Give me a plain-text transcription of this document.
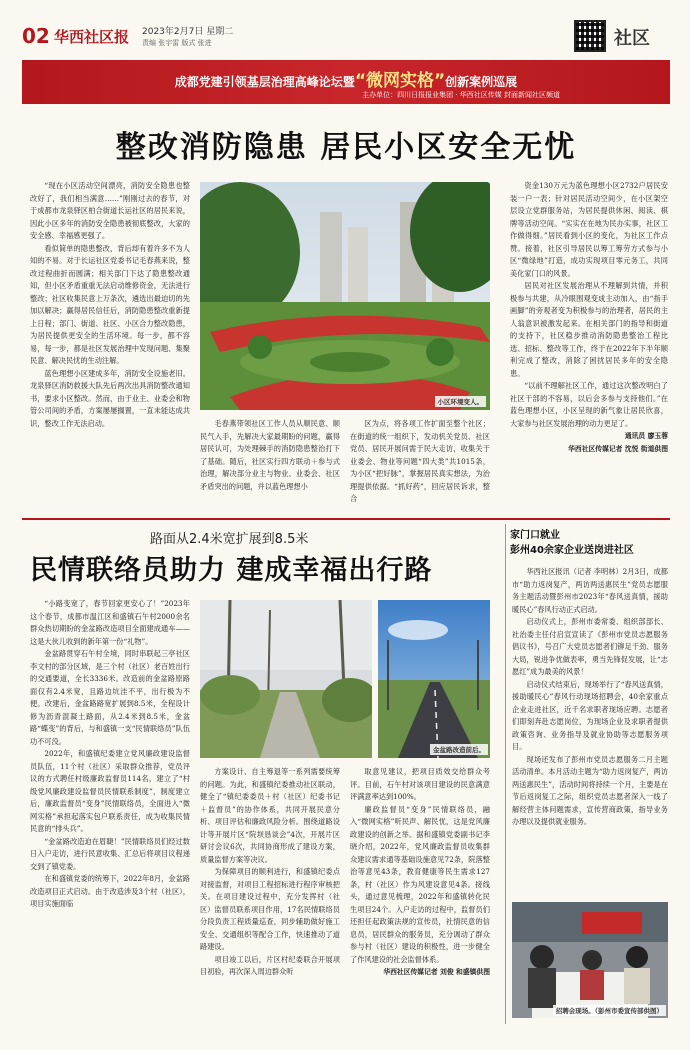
02 华西社区报 2023年2月7日 星期二
责编 张宇雷 版式 张进	社区
成都党建引领基层治理高峰论坛暨“微网实格”创新案例巡展
主办单位：四川日报报业集团 · 华西社区传媒 封面新闻社区频道
整改消防隐患 居民小区安全无忧

“现在小区活动空间漂亮，消防安全隐患也整改好了，我们相当满意……”刚刚过去的春节，对于成都市龙泉驿区柏合街道长运社区的居民来说，因此小区多年的消防安全隐患被彻底整改，大家的安全感、幸福感更强了。

看似简单的隐患整改，背后却有着许多不为人知的不易。对于长运社区党委书记毛春燕来说，整改过程曲折而圆满；相关部门下达了隐患整改通知，但小区矛盾重重无法启动维修资金，无法进行整改；社区收集民意上万条次，遴选出最迫切的先加以解决；赢得居民信任后，消防隐患整改重新提上日程；部门、街道、社区、小区合力整改隐患，为居民提供更安全的生活环境。每一步，都不容易，每一步，都是社区发展治理中发现问题、集聚民意、解决民忧的生动注解。

蓝色理想小区建成多年，消防安全设施老旧。龙泉驿区消防救援大队先后两次出具消防整改通知书，要求小区整改。然而，由于业主、业委会和物管公司间的矛盾，方案屡屡搁置，一直未能达成共识，整改工作无法启动。

小区环境变人。

毛春燕带领社区工作人员从顺民意、顺民气入手，先解决大家最期盼的问题，赢得居民认可，为处理棘手的消防隐患整治打下了基础。随后，社区实行四方联动＋参与式治理，解决部分业主与物业、业委会、社区矛盾突出的问题，并以蓝色理想小

区为点，将各项工作扩面至整个社区；在街道的统一组织下，发动机关党员、社区党员、居民开展问需于民大走访，收集关于业委会、物业等问题“四大类”共1015条，为小区“把好脉”，掌握居民真实想法，为治理提供依据。“抓好药”，回应居民诉求，整合

资金130万元为蓝色理想小区2732户居民安装一户一表；针对居民活动空间少，在小区架空层设立党群服务站，为居民提供休闲、阅读、棋牌等活动空间。“实实在在地为民办实事，社区工作做得细。”居民看到小区的变化，为社区工作点赞。接着，社区引导居民以筹工筹劳方式参与小区“微绿地”打造，成功实现项目零元务工，共同美化家门口的风景。

居民对社区发展治理从不理解到共情，并积极参与共建，从冷眼围观变成主动加入，由“指手画脚”的旁观者变为积极参与的治理者，居民的主人翁意识被激发起来。在相关部门的指导和街道的支持下，社区稳步推动消防隐患整治工程比选、招标、整改等工作，终于在2022年下半年顺利完成了整改，消除了困扰居民多年的安全隐患。

“以前不理解社区工作，通过这次整改明白了社区干部的不容易，以后会多参与支持他们。”在蓝色理想小区，小区呈现的新气象让居民欣喜，大家参与社区发展治理的动力更足了。

通讯员 廖玉蓉

华西社区传媒记者 沈悦 街道供图

路面从2.4米宽扩展到8.5米
民情联络员助力 建成幸福出行路

“小路变宽了，春节回家更安心了！”2023年这个春节，成都市温江区和盛镇石午村2000余名群众热切期盼的金盆路改造项目全面建成通车——这是大伙儿收到的新年第一份“礼物”。

金盆路贯穿石午村全境，同时串联起三亭社区李文村的部分区域，是三个村（社区）老百姓出行的交通要道，全长3336米。改造前的金盆路原路面仅有2.4米宽，且路边坑洼不平，出行极为不便。改建后，金盆路路宽扩展到8.5米，全程设计修为沥青混凝土路面，从2.4米到8.5米，金盆路“蝶变”的背后，与和盛镇一支“民情联络员”队伍功不可没。

2022年，和盛镇纪委建立党风廉政建设监督员队伍，11个村（社区）采取群众推荐，党员评议的方式聘任村级廉政监督员114名，建立了“村级党风廉政建设监督员民情联系制度”，制度建立后，廉政监督员“变身”民情联络员，全面进入“微网实格”承担起落实包户联系责任，成为收集民情民意的“排头兵”。

“金盆路改造迫在眉睫！”民情联络员们经过数日入户走访，进行民意收集、汇总后将项目议程递交到了镇党委。

在和盛镇党委的统筹下，2022年8月，金盆路改造项目正式启动。由于改造涉及3个村（社区），项目实施面临

金盆路改造前后。

方案设计、自主筹退等一系列需要统筹的问题。为此，和盛镇纪委推动社区联动，健全了“镇纪委委员＋村（社区）纪委书记＋监督员”的协作体系，共同开展民意分析、项目评估和廉政风险分析。围绕道路设计等开展片区“院坝恳谈会”4次，开展片区研讨会议6次，共同协商形成了建设方案，质量监督方案等决议。

为保障项目的顺利进行，和盛镇纪委点对接监督，对项目工程招标进行程序审核把关。在项目建设过程中，充分发挥村（社区）监督员联系项目作用，17名民情联络员分段负责工程质量巡查，同步辅助做好施工安全、交通组织等配合工作，快速推动了道路建设。

项目竣工以后，片区村纪委联合开展项目初验，再次深入周边群众听

取意见建议，把项目质效交给群众考评。目前，石午村对该项目建设的民意满意评满意率达到100%。

廉政监督员“变身”民情联络员，融入“微网实格”听民声、解民忧，这是党风廉政建设的创新之举。据和盛镇党委副书记李晓介绍，2022年，党风廉政监督员收集群众建议需求通等基础设施意见72条，院落整治等意见43条，教育健康等民生需求127条，村（社区）作为风建设意见4条。接线头，通过意见梳理，2022年和盛镇转化民生项目24个。入户走访的过程中，监督员们还担任起政策法规的宣传员，社情民意的信息员，居民群众的服务员，充分调动了群众参与村（社区）建设的积极性，进一步健全了作风建设的社会监督体系。

华西社区传媒记者 刘俊 和盛镇供图

家门口就业
彭州40余家企业送岗进社区

华西社区报讯（记者 李明林）2月3日，成都市“助力返岗复产，两访两送惠民生”党员志愿服务主题活动暨彭州市2023年“春风送真情，援助暖民心”春风行动正式启动。

启动仪式上，彭州市委常委、组织部部长、社治委主任付启宣宣读了《彭州市党员志愿服务倡议书》，号召广大党员志愿者们铆足干劲、服务大局，锐进争优做表率，勇当先锋促发展，让“志愿红”成为最美的风景！

启动仪式结束后，现场举行了“春风送真情，援助暖民心”春风行动现场招聘会，40余家重点企业走进社区，近千名求职者现场应聘。志愿者们即刻奔赴志愿岗位，为现场企业及求职者提供政策咨询、业务指导及就业协助等志愿服务项目。

现场还发布了彭州市党员志愿服务二月主题活动清单。本月活动主题为“助力返岗复产，两访两送惠民生”，活动时间将持续一个月，主要是在节后返岗复工之际，组织党员志愿者深入一线了解经营主体问题需求，宣传营商政策，指导业务办理以及提供就业服务。

招聘会现场。（彭州市委宣传部供图）
